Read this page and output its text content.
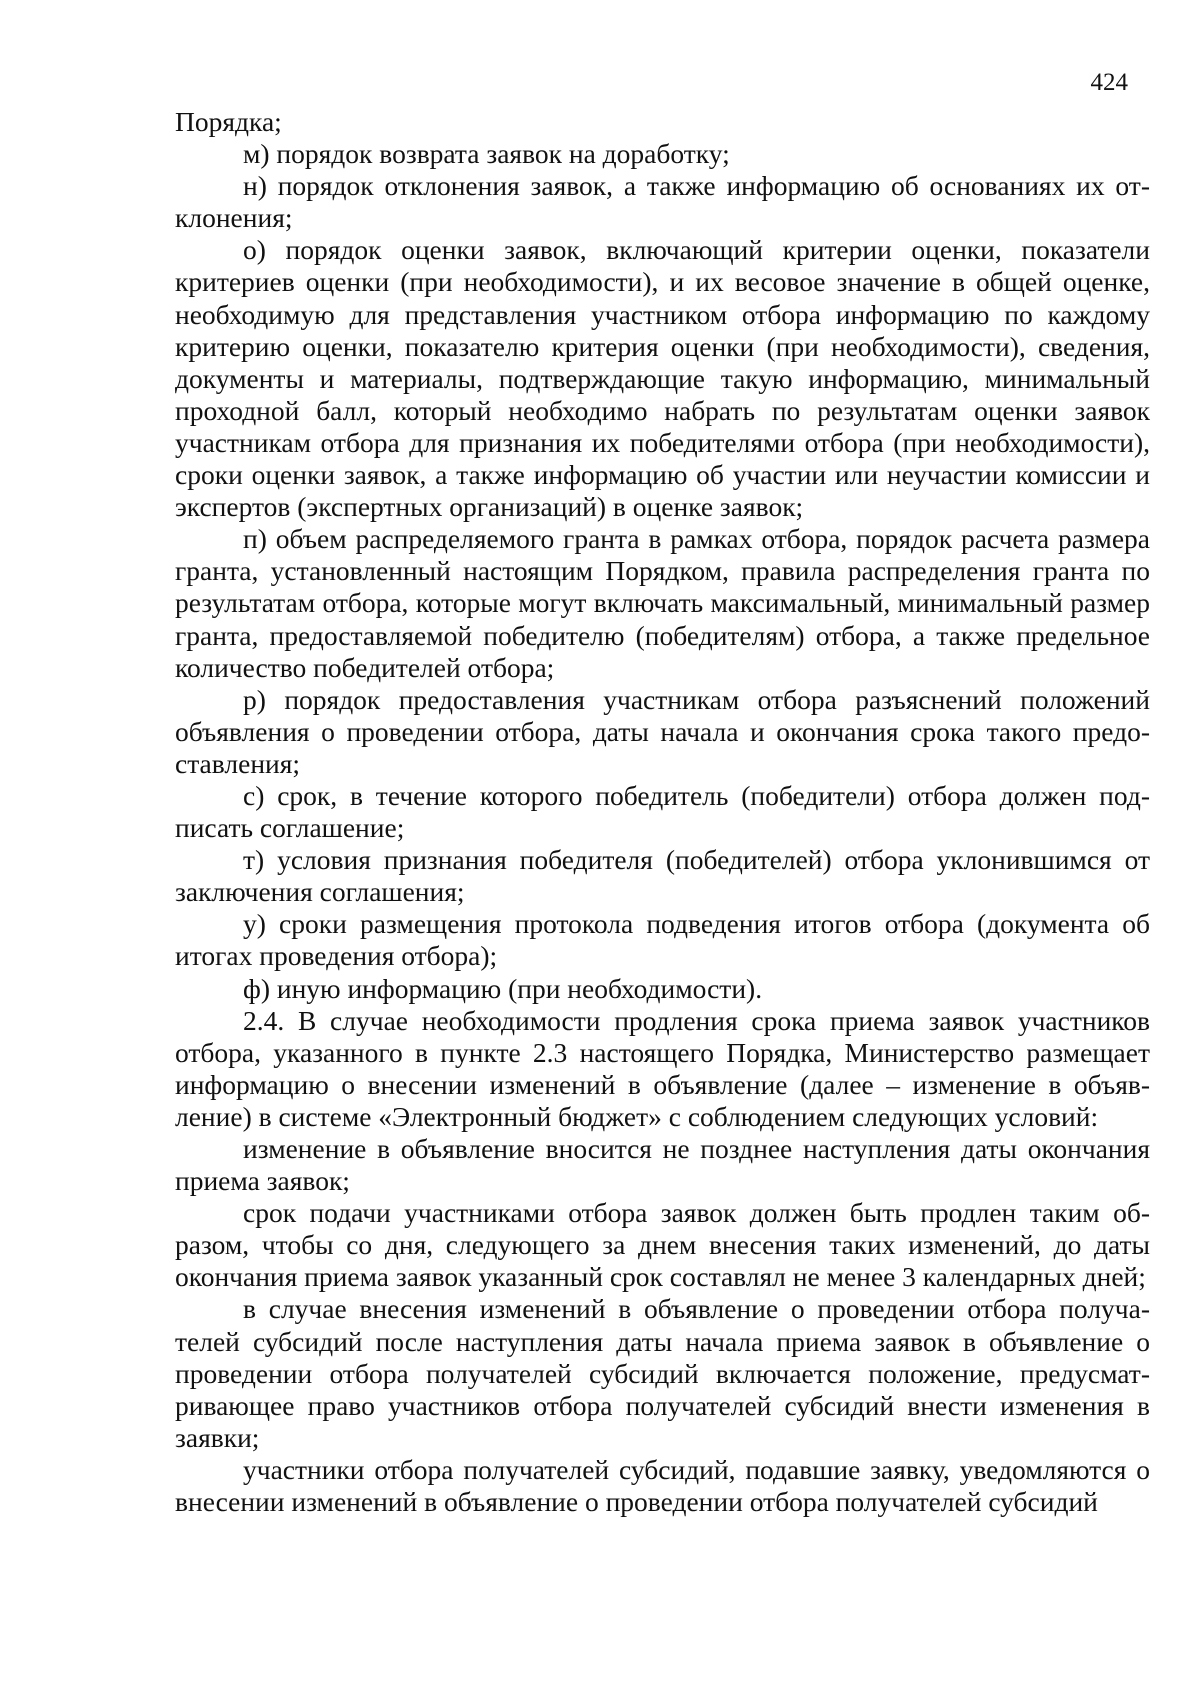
424

Порядка;

м) порядок возврата заявок на доработку;

н) порядок отклонения заявок, а также информацию об основаниях их отклонения;

о) порядок оценки заявок, включающий критерии оценки, показатели критериев оценки (при необходимости), и их весовое значение в общей оценке, необходимую для представления участником отбора информацию по каждому критерию оценки, показателю критерия оценки (при необходимости), сведения, документы и материалы, подтверждающие такую информацию, минимальный проходной балл, который необходимо набрать по результатам оценки заявок участникам отбора для признания их победителями отбора (при необходимости), сроки оценки заявок, а также информацию об участии или неучастии комиссии и экспертов (экспертных организаций) в оценке заявок;

п) объем распределяемого гранта в рамках отбора, порядок расчета размера гранта, установленный настоящим Порядком, правила распределения гранта по результатам отбора, которые могут включать максимальный, минимальный размер гранта, предоставляемой победителю (победителям) отбора, а также предельное количество победителей отбора;

р) порядок предоставления участникам отбора разъяснений положений объявления о проведении отбора, даты начала и окончания срока такого предоставления;

с) срок, в течение которого победитель (победители) отбора должен подписать соглашение;

т) условия признания победителя (победителей) отбора уклонившимся от заключения соглашения;

у) сроки размещения протокола подведения итогов отбора (документа об итогах проведения отбора);

ф) иную информацию (при необходимости).

2.4. В случае необходимости продления срока приема заявок участников отбора, указанного в пункте 2.3 настоящего Порядка, Министерство размещает информацию о внесении изменений в объявление (далее – изменение в объявление) в системе «Электронный бюджет» с соблюдением следующих условий:

изменение в объявление вносится не позднее наступления даты окончания приема заявок;

срок подачи участниками отбора заявок должен быть продлен таким образом, чтобы со дня, следующего за днем внесения таких изменений, до даты окончания приема заявок указанный срок составлял не менее 3 календарных дней;

в случае внесения изменений в объявление о проведении отбора получателей субсидий после наступления даты начала приема заявок в объявление о проведении отбора получателей субсидий включается положение, предусматривающее право участников отбора получателей субсидий внести изменения в заявки;

участники отбора получателей субсидий, подавшие заявку, уведомляются о внесении изменений в объявление о проведении отбора получателей субсидий
